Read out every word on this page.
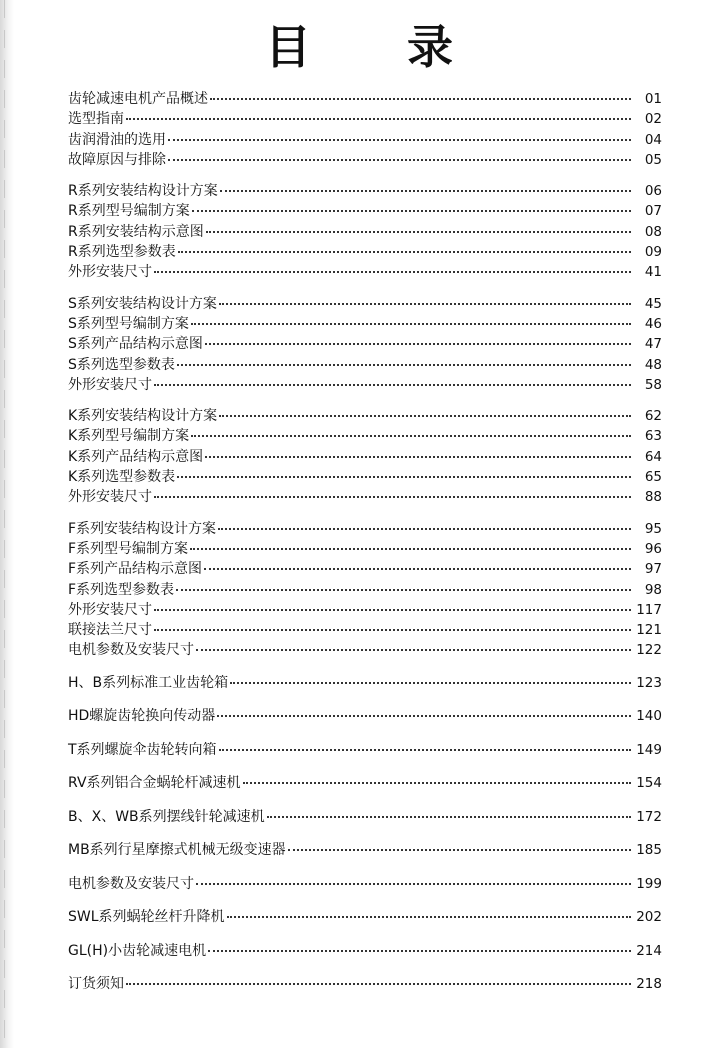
目 录
齿轮减速电机产品概述	01
选型指南	02
齿润滑油的选用	04
故障原因与排除	05
R系列安装结构设计方案	06
R系列型号编制方案	07
R系列安装结构示意图	08
R系列选型参数表	09
外形安装尺寸	41
S系列安装结构设计方案	45
S系列型号编制方案	46
S系列产品结构示意图	47
S系列选型参数表	48
外形安装尺寸	58
K系列安装结构设计方案	62
K系列型号编制方案	63
K系列产品结构示意图	64
K系列选型参数表	65
外形安装尺寸	88
F系列安装结构设计方案	95
F系列型号编制方案	96
F系列产品结构示意图	97
F系列选型参数表	98
外形安装尺寸	117
联接法兰尺寸	121
电机参数及安装尺寸	122
H、B系列标准工业齿轮箱	123
HD螺旋齿轮换向传动器	140
T系列螺旋伞齿轮转向箱	149
RV系列铝合金蜗轮杆减速机	154
B、X、WB系列摆线针轮减速机	172
MB系列行星摩擦式机械无级变速器	185
电机参数及安装尺寸	199
SWL系列蜗轮丝杆升降机	202
GL(H)小齿轮减速电机	214
订货须知	218
